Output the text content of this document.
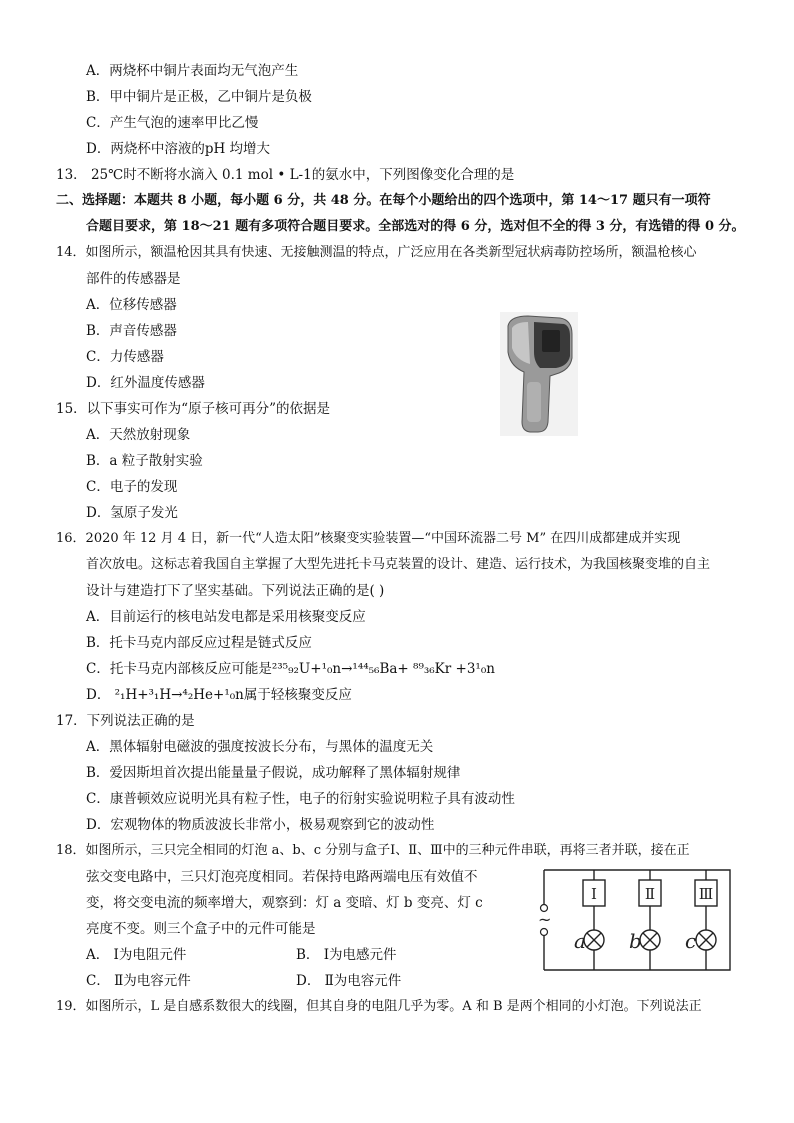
A．两烧杯中铜片表面均无气泡产生
B．甲中铜片是正极，乙中铜片是负极
C．产生气泡的速率甲比乙慢
D．两烧杯中溶液的pH 均增大
13． 25℃时不断将水滴入 0.1 mol • L-1的氨水中，下列图像变化合理的是
二、选择题：本题共 8 小题，每小题 6 分，共 48 分。在每个小题给出的四个选项中，第 14～17 题只有一项符
合题目要求，第 18～21 题有多项符合题目要求。全部选对的得 6 分，选对但不全的得 3 分，有选错的得 0 分。
14．如图所示，额温枪因其具有快速、无接触测温的特点，广泛应用在各类新型冠状病毒防控场所，额温枪核心
部件的传感器是
A．位移传感器
B．声音传感器
C．力传感器
D．红外温度传感器
15．以下事实可作为“原子核可再分”的依据是
A．天然放射现象
B．a 粒子散射实验
C．电子的发现
D．氢原子发光
16．2020 年 12 月 4 日，新一代“人造太阳”核聚变实验装置—“中国环流器二号 M” 在四川成都建成并实现
首次放电。这标志着我国自主掌握了大型先进托卡马克装置的设计、建造、运行技术，为我国核聚变堆的自主
设计与建造打下了坚实基础。下列说法正确的是( )
A．目前运行的核电站发电都是采用核聚变反应
B．托卡马克内部反应过程是链式反应
C．托卡马克内部核反应可能是²³⁵₉₂U+¹₀n→¹⁴⁴₅₆Ba+ ⁸⁹₃₆Kr +3¹₀n
D． ²₁H+³₁H→⁴₂He+¹₀n属于轻核聚变反应
17．下列说法正确的是
A．黑体辐射电磁波的强度按波长分布，与黑体的温度无关
B．爱因斯坦首次提出能量量子假说，成功解释了黑体辐射规律
C．康普顿效应说明光具有粒子性，电子的衍射实验说明粒子具有波动性
D．宏观物体的物质波波长非常小，极易观察到它的波动性
18．如图所示，三只完全相同的灯泡 a、b、c 分别与盒子Ⅰ、Ⅱ、Ⅲ中的三种元件串联，再将三者并联，接在正
弦交变电路中，三只灯泡亮度相同。若保持电路两端电压有效值不
变，将交变电流的频率增大，观察到：灯 a 变暗、灯 b 变亮、灯 c
亮度不变。则三个盒子中的元件可能是
A． Ⅰ为电阻元件	B． Ⅰ为电感元件
C． Ⅱ为电容元件	D． Ⅱ为电容元件
~
Ⅰ	Ⅱ	Ⅲ
a b c
19．如图所示，L 是自感系数很大的线圈，但其自身的电阻几乎为零。A 和 B 是两个相同的小灯泡。下列说法正
